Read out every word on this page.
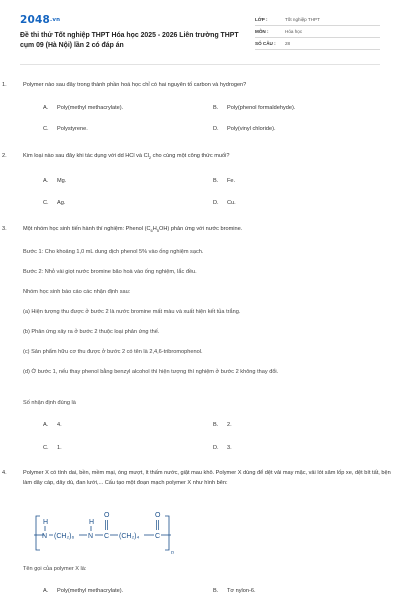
2048.vn
Đề thi thử Tốt nghiệp THPT Hóa học 2025 - 2026 Liên trường THPT cụm 09 (Hà Nội) lần 2 có đáp án
LỚP :	Tốt nghiệp THPT
MÔN :	Hóa học
SỐ CÂU :	28
1.	Polymer nào sau đây trong thành phần hoá học chỉ có hai nguyên tố carbon và hydrogen?
A. Poly(methyl methacrylate).	B. Poly(phenol formaldehyde).
C. Polystyrene.	D. Poly(vinyl chloride).
2.	Kim loại nào sau đây khi tác dụng với dd HCl và $Cl_2$ cho cùng một công thức muối?
A. Mg.	B. Fe.
C. Ag.	D. Cu.
3.	Một nhóm học sinh tiến hành thí nghiệm: Phenol $(C_6H_5OH)$ phản ứng với nước bromine.
Bước 1: Cho khoảng 1,0 mL dung dịch phenol 5% vào ống nghiệm sạch.
Bước 2: Nhỏ vài giọt nước bromine bão hoà vào ống nghiệm, lắc đều.
Nhóm học sinh báo cáo các nhận định sau:
(a) Hiện tượng thu được ở bước 2 là nước bromine mất màu và xuất hiện kết tủa trắng.
(b) Phản ứng xảy ra ở bước 2 thuộc loại phản ứng thế.
(c) Sản phẩm hữu cơ thu được ở bước 2 có tên là 2,4,6-tribromophenol.
(d) Ở bước 1, nếu thay phenol bằng benzyl alcohol thì hiện tượng thí nghiệm ở bước 2 không thay đổi.
Số nhận định đúng là
A. 4.	B. 2.
C. 1.	D. 3.
4.	Polymer X có tính dai, bền, mềm mại, óng mượt, ít thấm nước, giặt mau khô. Polymer X dùng để dệt vải may mặc, vải lót săm lốp xe, dệt bít tất, bện làm dây cáp, dây dù, đan lưới,... Cấu tạo một đoạn mạch polymer X như hình bên:
H
N (CH₂)₆
H
N
O
C (CH₂)₄
O
C
n
Tên gọi của polymer X là:
A. Poly(methyl methacrylate).	B. Tơ nylon-6.
